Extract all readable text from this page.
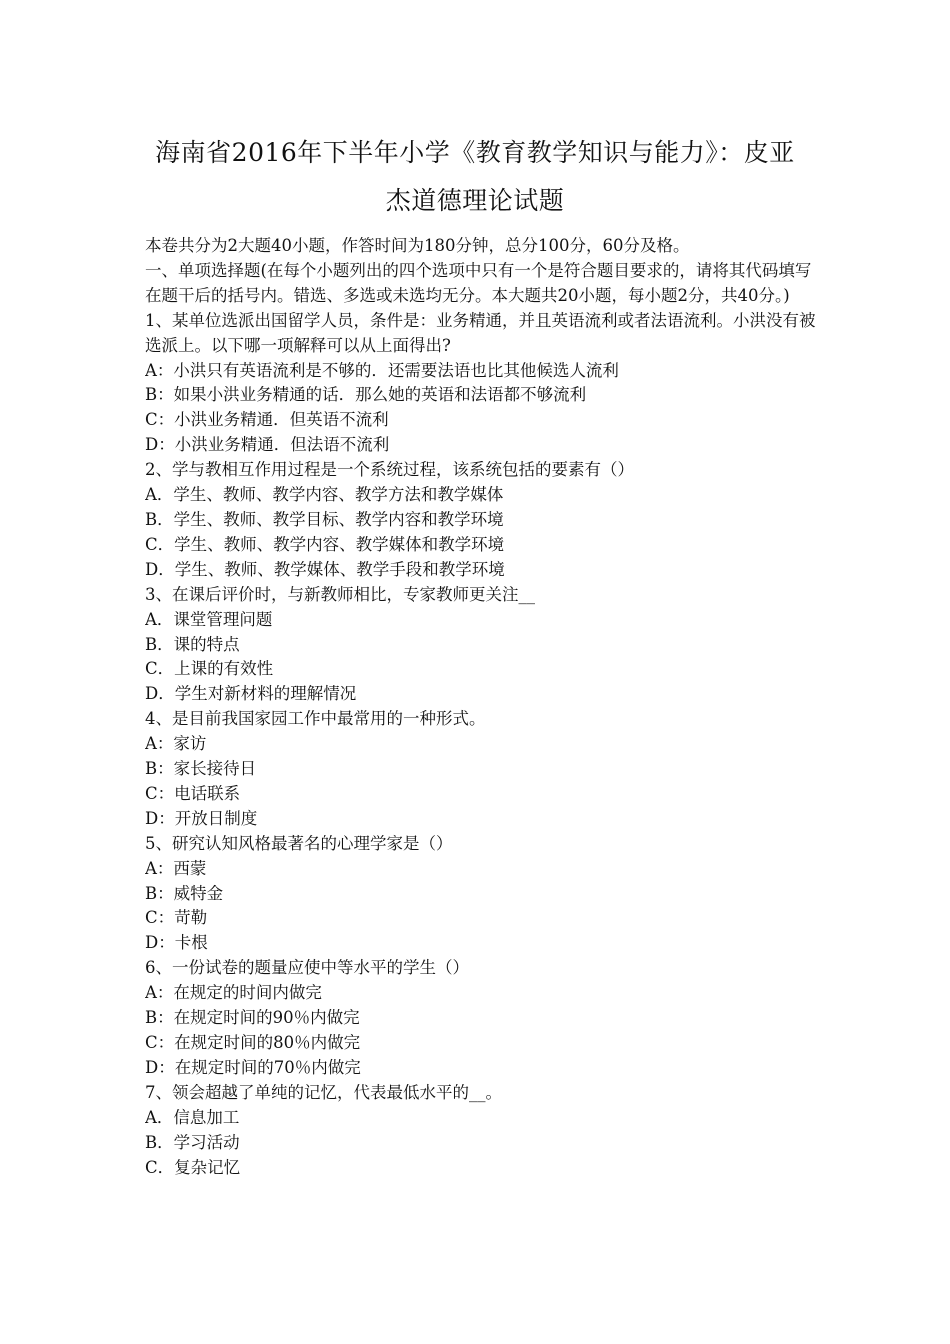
海南省2016年下半年小学《教育教学知识与能力》：皮亚
杰道德理论试题
本卷共分为2大题40小题，作答时间为180分钟，总分100分，60分及格。
一、单项选择题(在每个小题列出的四个选项中只有一个是符合题目要求的，请将其代码填写在题干后的括号内。错选、多选或未选均无分。本大题共20小题，每小题2分，共40分。)
1、某单位选派出国留学人员，条件是：业务精通，并且英语流利或者法语流利。小洪没有被选派上。以下哪一项解释可以从上面得出?
A：小洪只有英语流利是不够的．还需要法语也比其他候选人流利
B：如果小洪业务精通的话．那么她的英语和法语都不够流利
C：小洪业务精通．但英语不流利
D：小洪业务精通．但法语不流利
2、学与教相互作用过程是一个系统过程，该系统包括的要素有（）
A．学生、教师、教学内容、教学方法和教学媒体
B．学生、教师、教学目标、教学内容和教学环境
C．学生、教师、教学内容、教学媒体和教学环境
D．学生、教师、教学媒体、教学手段和教学环境
3、在课后评价时，与新教师相比，专家教师更关注__
A．课堂管理问题
B．课的特点
C．上课的有效性
D．学生对新材料的理解情况
4、是目前我国家园工作中最常用的一种形式。
A：家访
B：家长接待日
C：电话联系
D：开放日制度
5、研究认知风格最著名的心理学家是（）
A：西蒙
B：威特金
C：苛勒
D：卡根
6、一份试卷的题量应使中等水平的学生（）
A：在规定的时间内做完
B：在规定时间的90％内做完
C：在规定时间的80％内做完
D：在规定时间的70％内做完
7、领会超越了单纯的记忆，代表最低水平的__。
A．信息加工
B．学习活动
C．复杂记忆
